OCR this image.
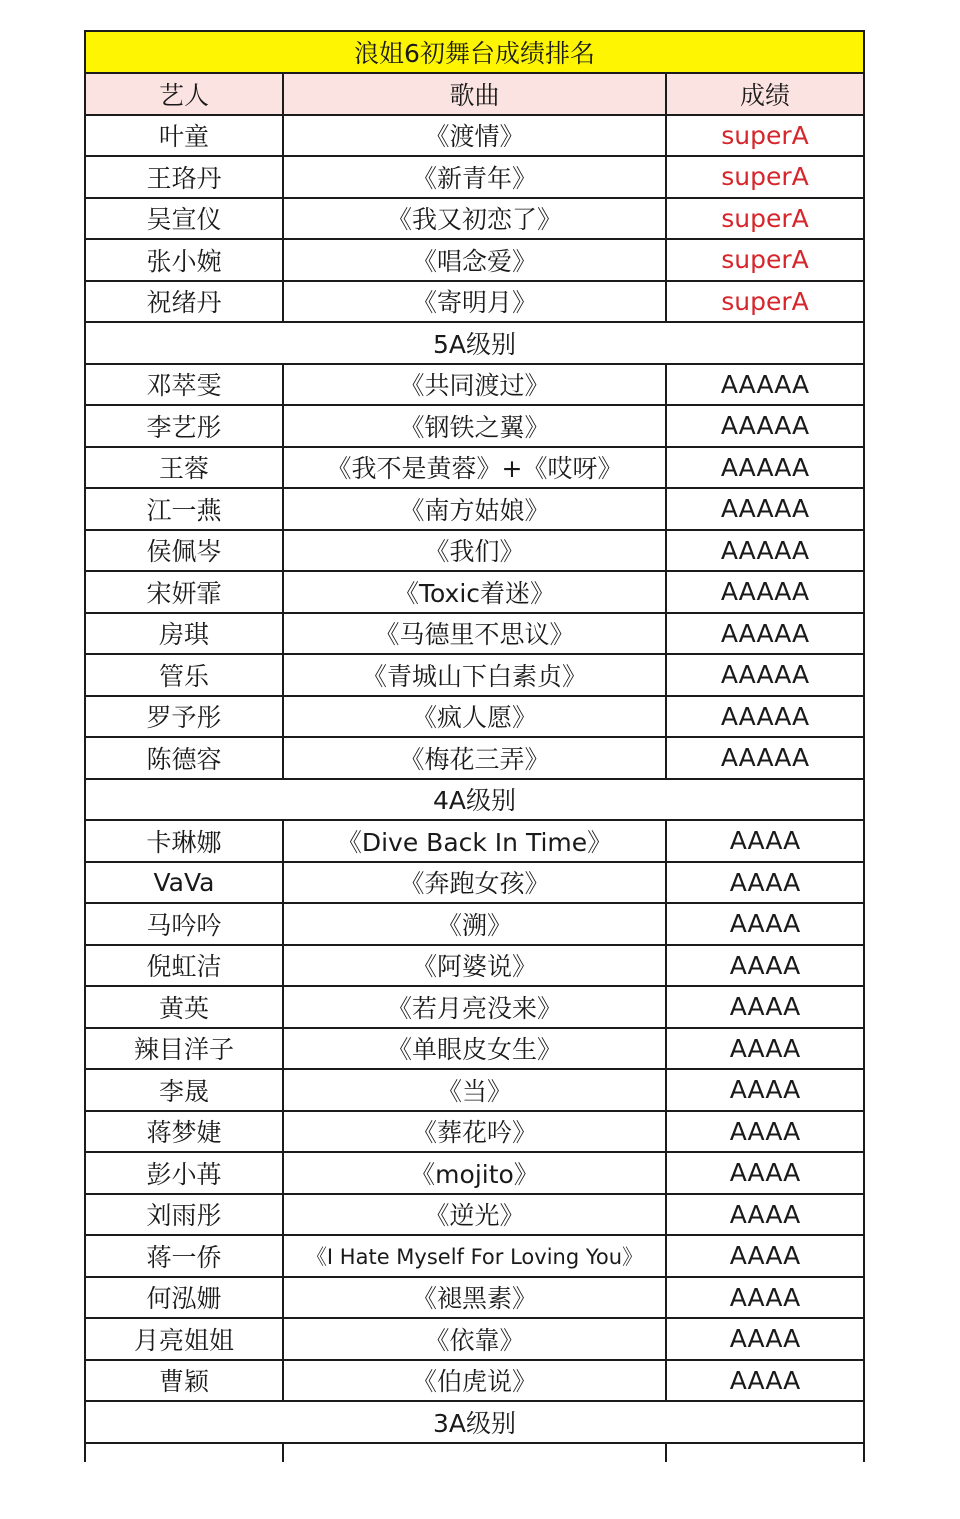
浪姐6初舞台成绩排名		
艺人	歌曲	成绩
叶童	《渡情》	superA
王珞丹	《新青年》	superA
吴宣仪	《我又初恋了》	superA
张小婉	《唱念爱》	superA
祝绪丹	《寄明月》	superA
5A级别		
邓萃雯	《共同渡过》	AAAAA
李艺彤	《钢铁之翼》	AAAAA
王蓉	《我不是黄蓉》+《哎呀》	AAAAA
江一燕	《南方姑娘》	AAAAA
侯佩岑	《我们》	AAAAA
宋妍霏	《Toxic着迷》	AAAAA
房琪	《马德里不思议》	AAAAA
管乐	《青城山下白素贞》	AAAAA
罗予彤	《疯人愿》	AAAAA
陈德容	《梅花三弄》	AAAAA
4A级别		
卡琳娜	《Dive Back In Time》	AAAA
VaVa	《奔跑女孩》	AAAA
马吟吟	《溯》	AAAA
倪虹洁	《阿婆说》	AAAA
黄英	《若月亮没来》	AAAA
辣目洋子	《单眼皮女生》	AAAA
李晟	《当》	AAAA
蒋梦婕	《葬花吟》	AAAA
彭小苒	《mojito》	AAAA
刘雨彤	《逆光》	AAAA
蒋一侨	《I Hate Myself For Loving You》	AAAA
何泓姗	《褪黑素》	AAAA
月亮姐姐	《依靠》	AAAA
曹颖	《伯虎说》	AAAA
3A级别		
